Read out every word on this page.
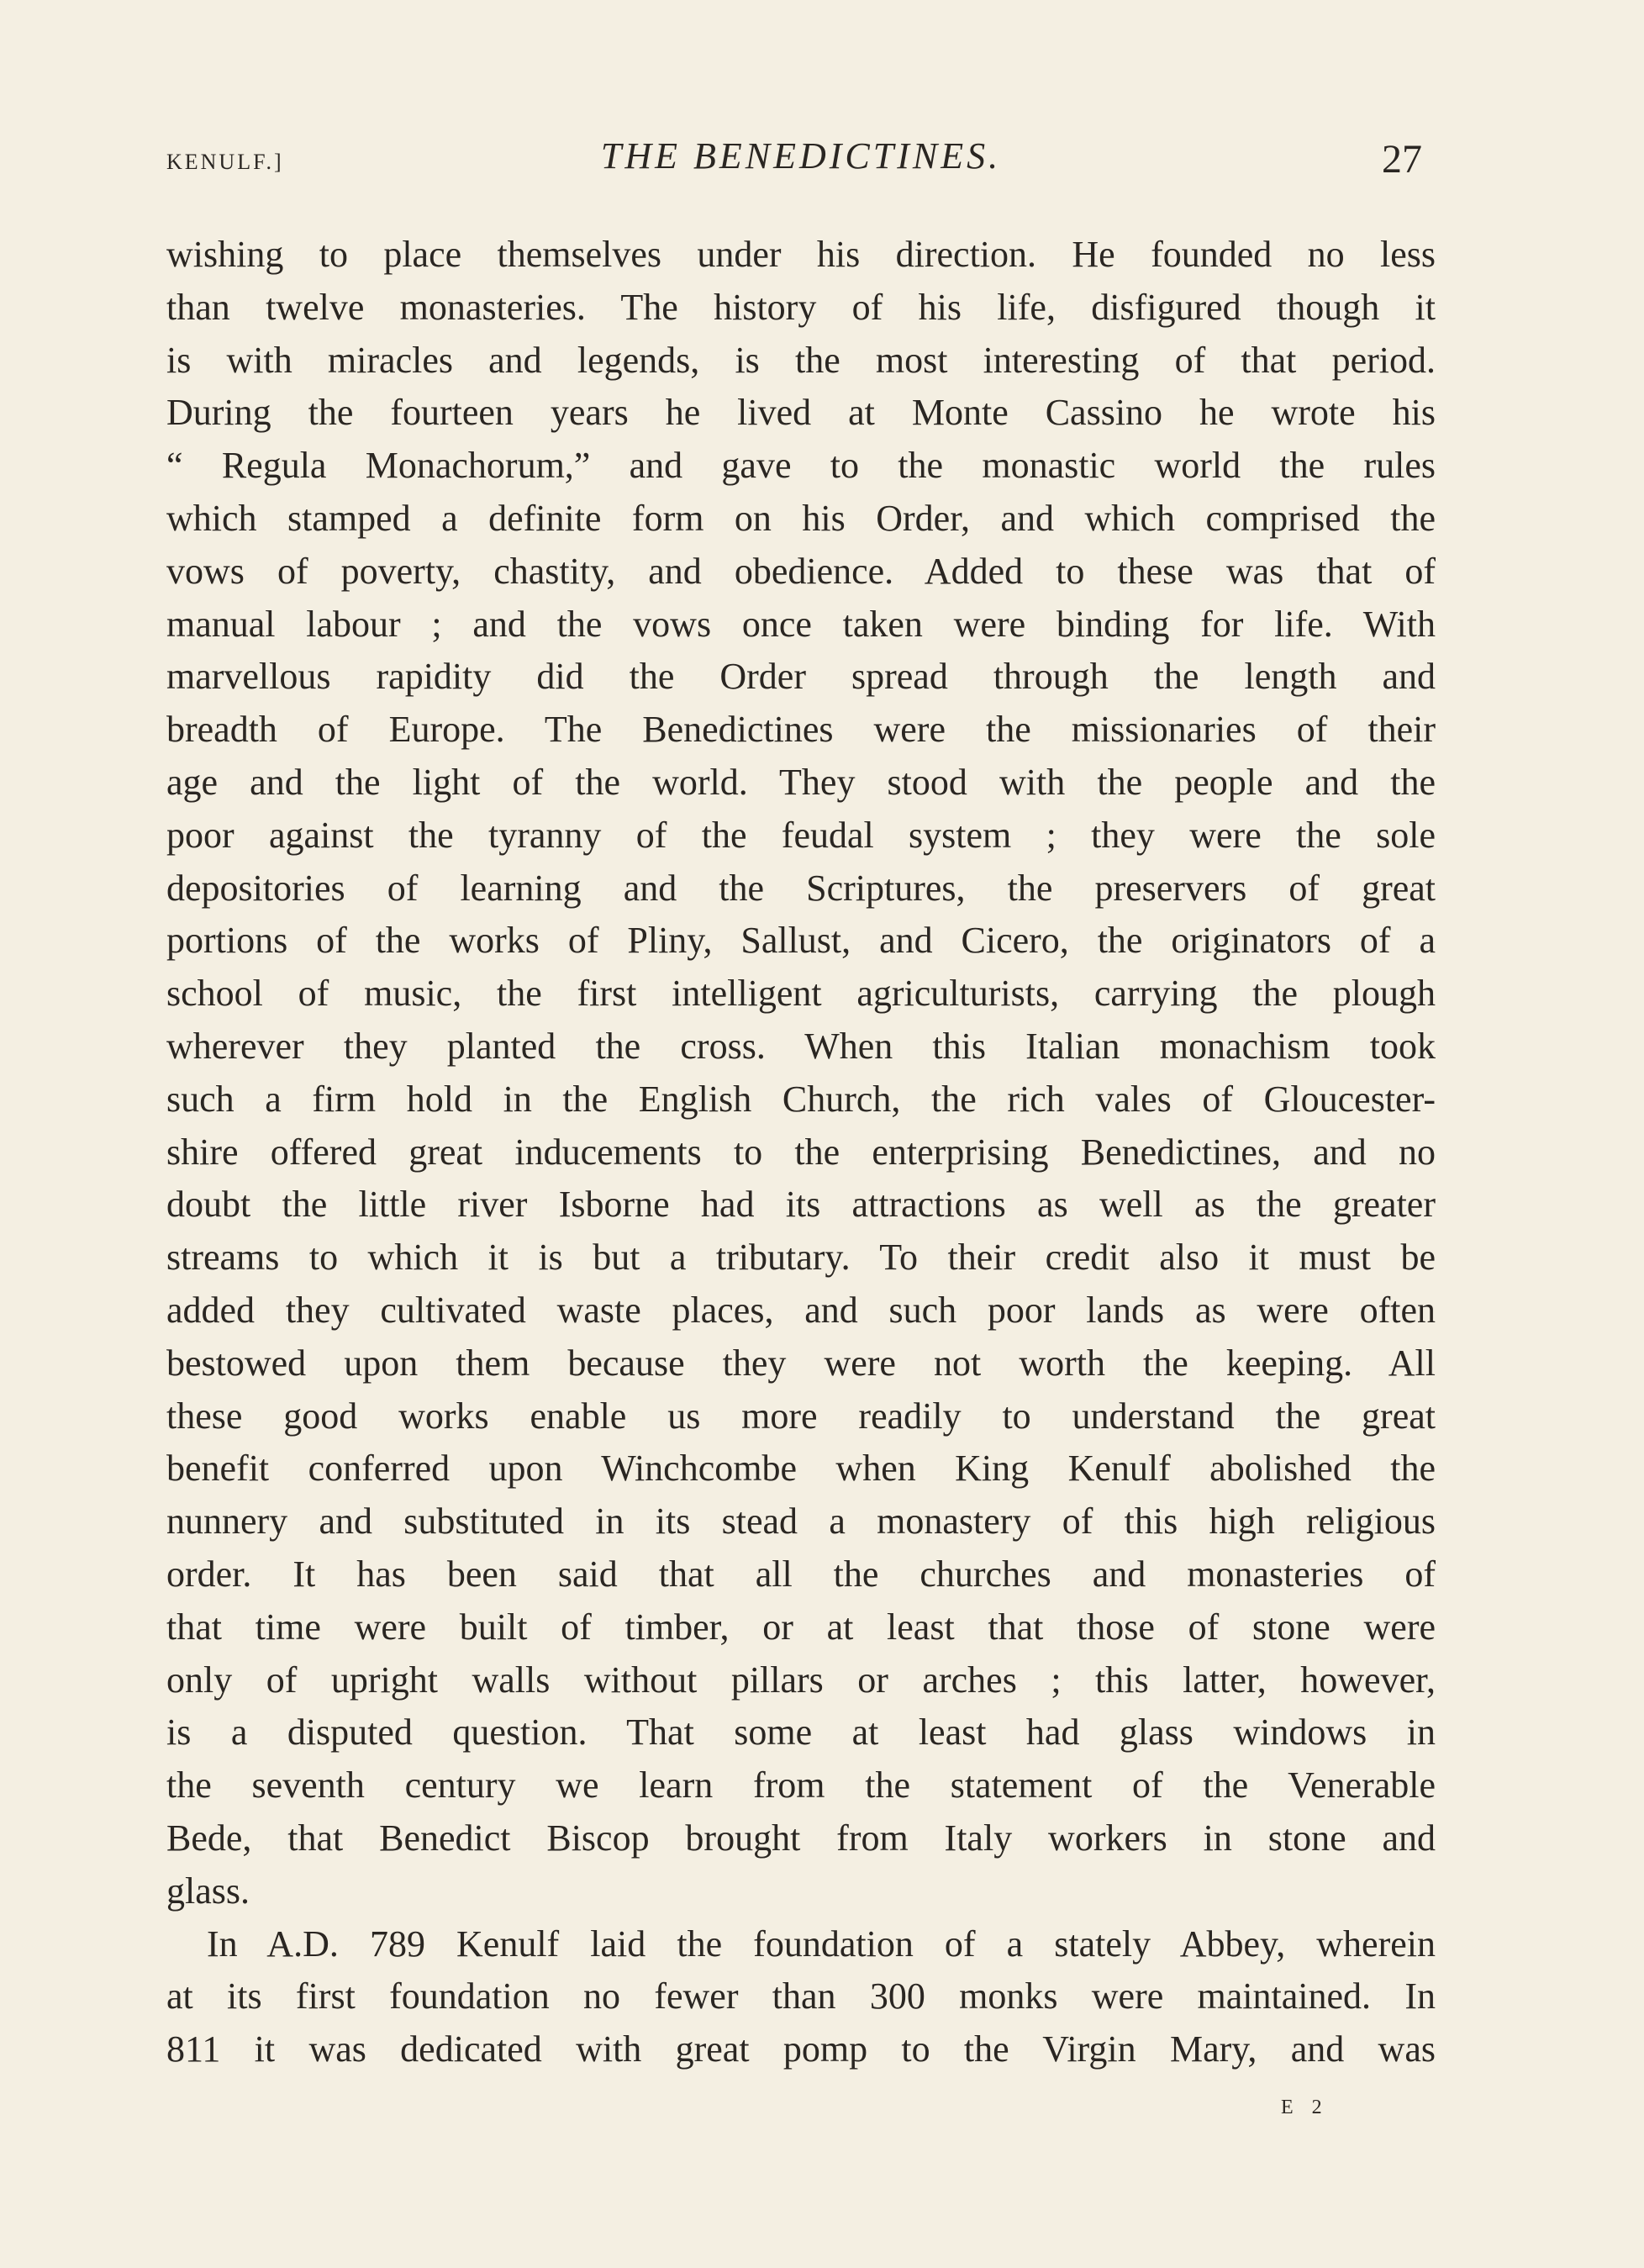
KENULF.]	THE BENEDICTINES.	27
wishing to place themselves under his direction. He founded no less
than twelve monasteries. The history of his life, disfigured though it
is with miracles and legends, is the most interesting of that period.
During the fourteen years he lived at Monte Cassino he wrote his
“ Regula Monachorum,” and gave to the monastic world the rules
which stamped a definite form on his Order, and which comprised the
vows of poverty, chastity, and obedience. Added to these was that of
manual labour ; and the vows once taken were binding for life. With
marvellous rapidity did the Order spread through the length and
breadth of Europe. The Benedictines were the missionaries of their
age and the light of the world. They stood with the people and the
poor against the tyranny of the feudal system ; they were the sole
depositories of learning and the Scriptures, the preservers of great
portions of the works of Pliny, Sallust, and Cicero, the originators of a
school of music, the first intelligent agriculturists, carrying the plough
wherever they planted the cross. When this Italian monachism took
such a firm hold in the English Church, the rich vales of Gloucester-
shire offered great inducements to the enterprising Benedictines, and no
doubt the little river Isborne had its attractions as well as the greater
streams to which it is but a tributary. To their credit also it must be
added they cultivated waste places, and such poor lands as were often
bestowed upon them because they were not worth the keeping. All
these good works enable us more readily to understand the great
benefit conferred upon Winchcombe when King Kenulf abolished the
nunnery and substituted in its stead a monastery of this high religious
order. It has been said that all the churches and monasteries of
that time were built of timber, or at least that those of stone were
only of upright walls without pillars or arches ; this latter, however,
is a disputed question. That some at least had glass windows in
the seventh century we learn from the statement of the Venerable
Bede, that Benedict Biscop brought from Italy workers in stone and
glass.
In A.D. 789 Kenulf laid the foundation of a stately Abbey, wherein
at its first foundation no fewer than 300 monks were maintained. In
811 it was dedicated with great pomp to the Virgin Mary, and was
E 2
